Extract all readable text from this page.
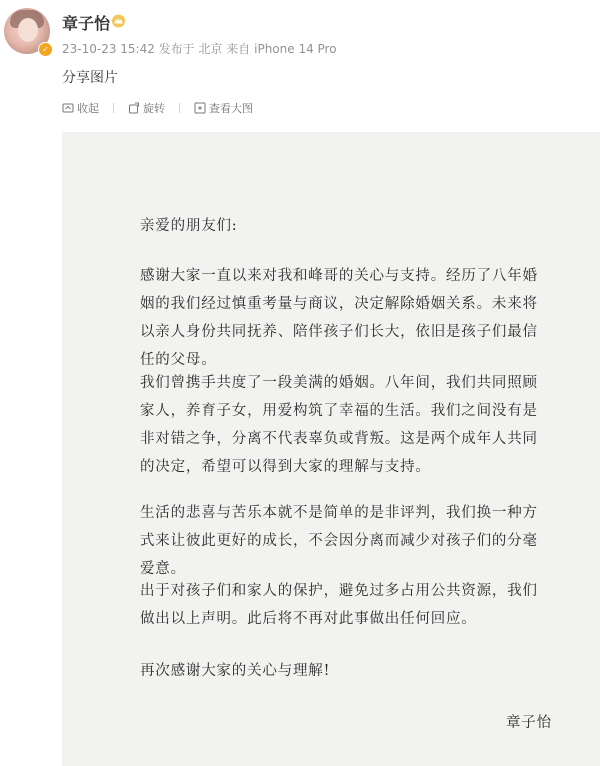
✓
章子怡
23-10-23 15:42 发布于 北京 来自 iPhone 14 Pro
分享图片
收起	旋转	查看大图
亲爱的朋友们:
感谢大家一直以来对我和峰哥的关心与支持。经历了八年婚姻的我们经过慎重考量与商议，决定解除婚姻关系。未来将以亲人身份共同抚养、陪伴孩子们长大，依旧是孩子们最信任的父母。
我们曾携手共度了一段美满的婚姻。八年间，我们共同照顾家人，养育子女，用爱构筑了幸福的生活。我们之间没有是非对错之争，分离不代表辜负或背叛。这是两个成年人共同的决定，希望可以得到大家的理解与支持。
生活的悲喜与苦乐本就不是简单的是非评判，我们换一种方式来让彼此更好的成长，不会因分离而减少对孩子们的分毫爱意。
出于对孩子们和家人的保护，避免过多占用公共资源，我们做出以上声明。此后将不再对此事做出任何回应。
再次感谢大家的关心与理解!
章子怡
